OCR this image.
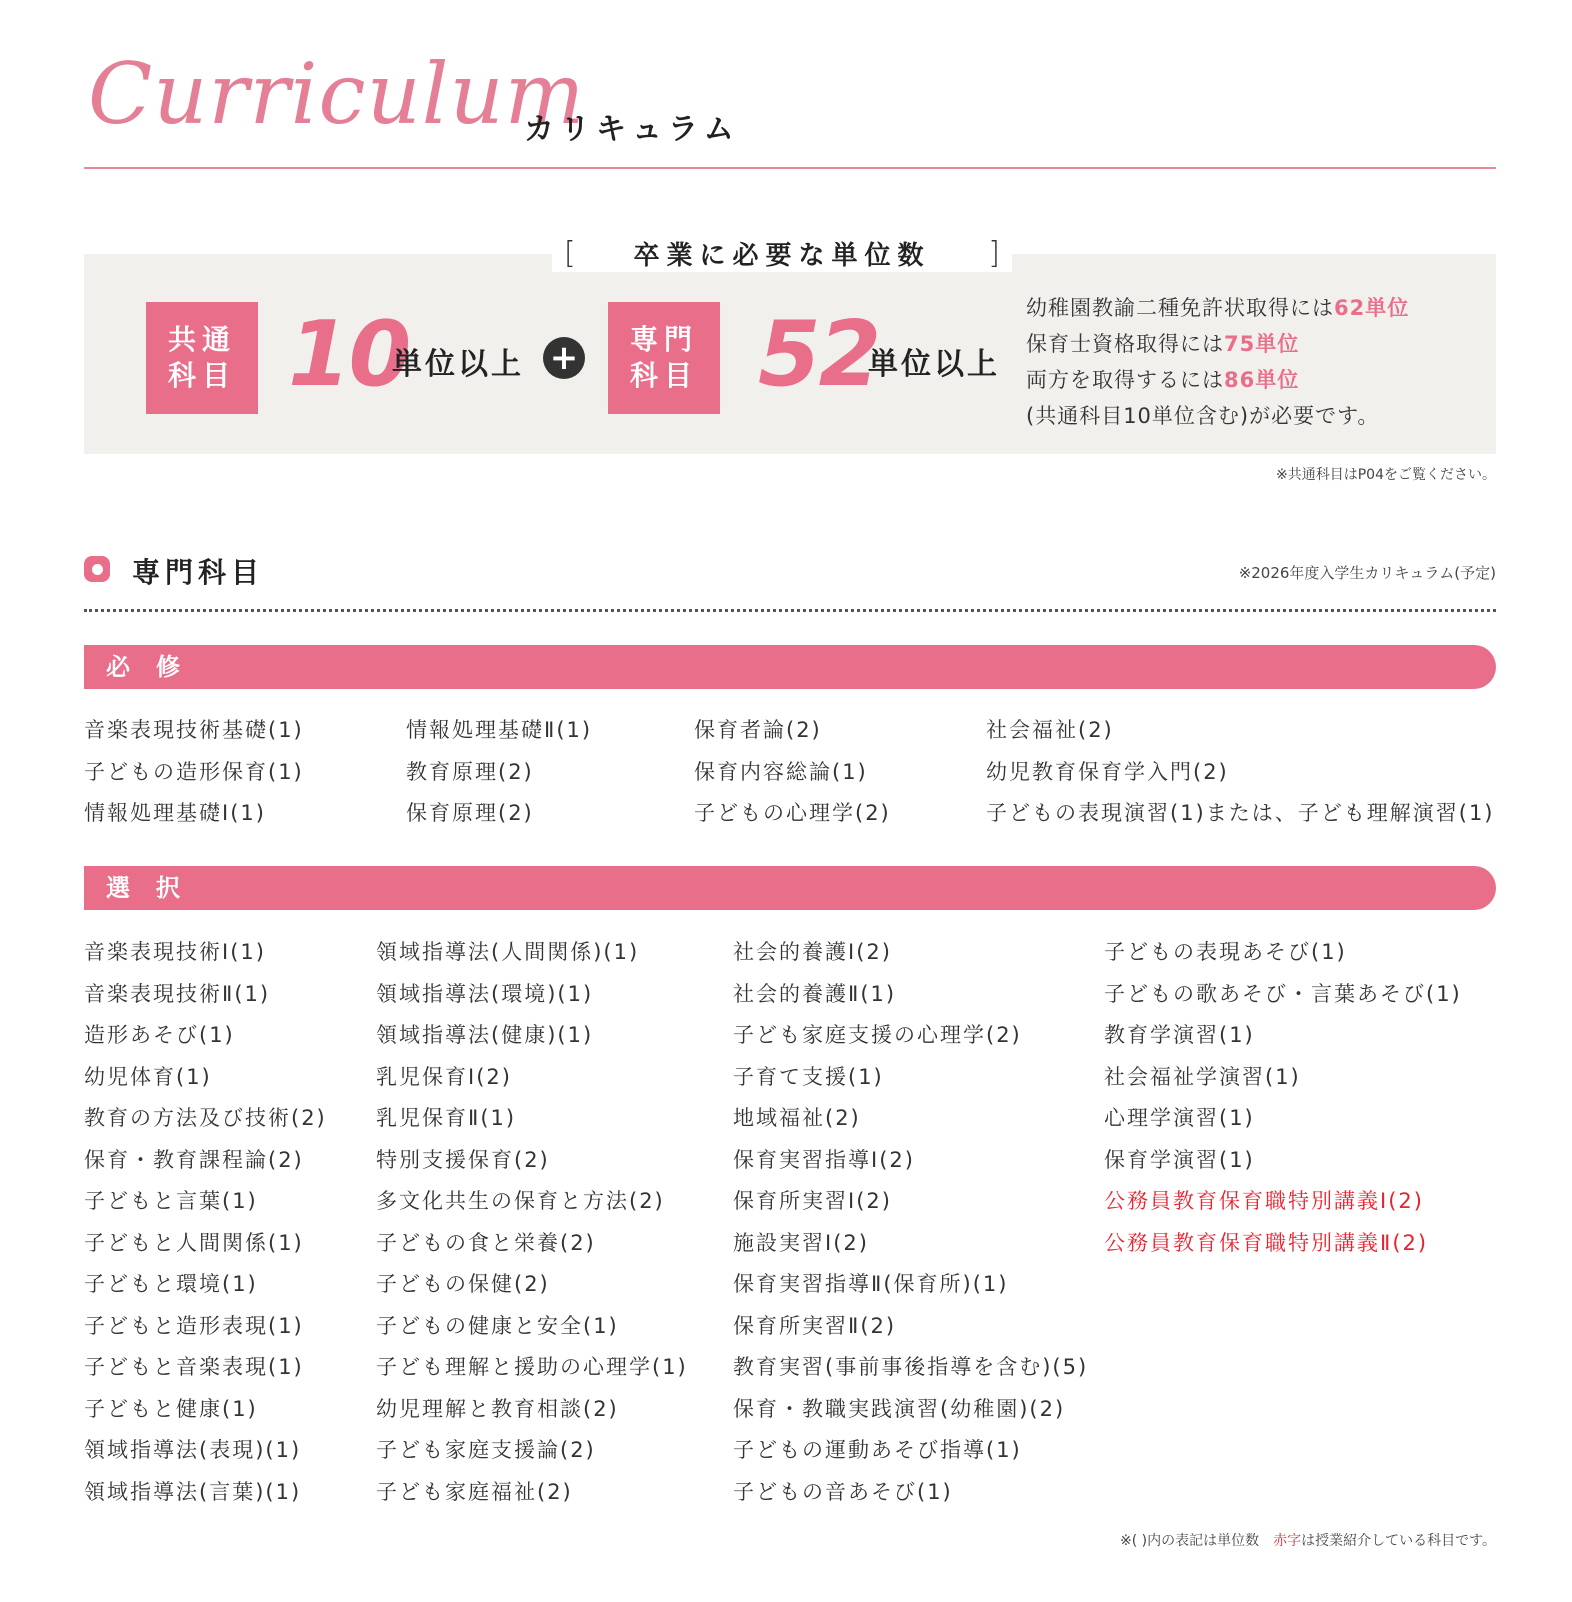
Curriculum
カリキュラム
[ 卒業に必要な単位数 ]
共通
科目 10
単位以上 + 専門
科目 52
単位以上
幼稚園教諭二種免許状取得には62単位
保育士資格取得には75単位
両方を取得するには86単位
(共通科目10単位含む)が必要です。
※共通科目はP04をご覧ください。
専門科目	※2026年度入学生カリキュラム(予定)
必修
音楽表現技術基礎(1)
子どもの造形保育(1)
情報処理基礎Ⅰ(1)
情報処理基礎Ⅱ(1)
教育原理(2)
保育原理(2)
保育者論(2)
保育内容総論(1)
子どもの心理学(2)
社会福祉(2)
幼児教育保育学入門(2)
子どもの表現演習(1)または、子ども理解演習(1)
選択
音楽表現技術Ⅰ(1)
音楽表現技術Ⅱ(1)
造形あそび(1)
幼児体育(1)
教育の方法及び技術(2)
保育・教育課程論(2)
子どもと言葉(1)
子どもと人間関係(1)
子どもと環境(1)
子どもと造形表現(1)
子どもと音楽表現(1)
子どもと健康(1)
領域指導法(表現)(1)
領域指導法(言葉)(1)
領域指導法(人間関係)(1)
領域指導法(環境)(1)
領域指導法(健康)(1)
乳児保育Ⅰ(2)
乳児保育Ⅱ(1)
特別支援保育(2)
多文化共生の保育と方法(2)
子どもの食と栄養(2)
子どもの保健(2)
子どもの健康と安全(1)
子ども理解と援助の心理学(1)
幼児理解と教育相談(2)
子ども家庭支援論(2)
子ども家庭福祉(2)
社会的養護Ⅰ(2)
社会的養護Ⅱ(1)
子ども家庭支援の心理学(2)
子育て支援(1)
地域福祉(2)
保育実習指導Ⅰ(2)
保育所実習Ⅰ(2)
施設実習Ⅰ(2)
保育実習指導Ⅱ(保育所)(1)
保育所実習Ⅱ(2)
教育実習(事前事後指導を含む)(5)
保育・教職実践演習(幼稚園)(2)
子どもの運動あそび指導(1)
子どもの音あそび(1)
子どもの表現あそび(1)
子どもの歌あそび・言葉あそび(1)
教育学演習(1)
社会福祉学演習(1)
心理学演習(1)
保育学演習(1)
公務員教育保育職特別講義Ⅰ(2)
公務員教育保育職特別講義Ⅱ(2)
※( )内の表記は単位数　赤字は授業紹介している科目です。
